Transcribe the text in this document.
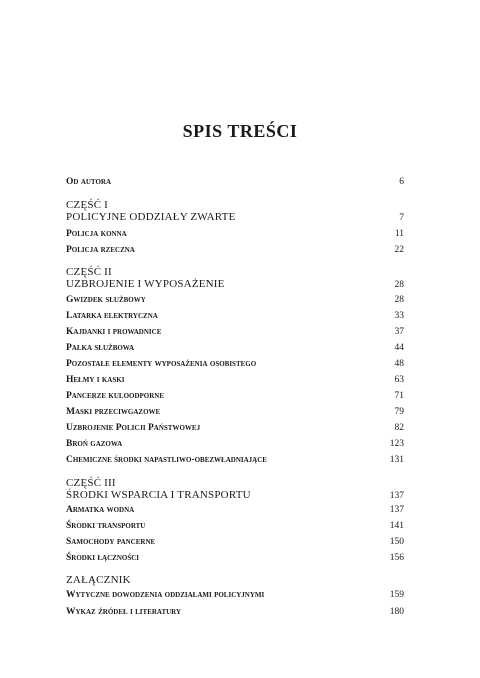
SPIS TREŚCI
Od autora	6
CZĘŚĆ I
POLICYJNE ODDZIAŁY ZWARTE	7
Policja konna	11
Policja rzeczna	22
CZĘŚĆ II
UZBROJENIE I WYPOSAŻENIE	28
Gwizdek służbowy	28
Latarka elektryczna	33
Kajdanki i prowadnice	37
Pałka służbowa	44
Pozostałe elementy wyposażenia osobistego	48
Hełmy i kaski	63
Pancerze kuloodporne	71
Maski przeciwgazowe	79
Uzbrojenie Policji Państwowej	82
Broń gazowa	123
Chemiczne środki napastliwo-obezwładniające	131
CZĘŚĆ III
ŚRODKI WSPARCIA I TRANSPORTU	137
Armatka wodna	137
Środki transportu	141
Samochody pancerne	150
Środki łączności	156
ZAŁĄCZNIK
Wytyczne dowodzenia oddziałami policyjnymi	159
Wykaz źródeł i literatury	180
